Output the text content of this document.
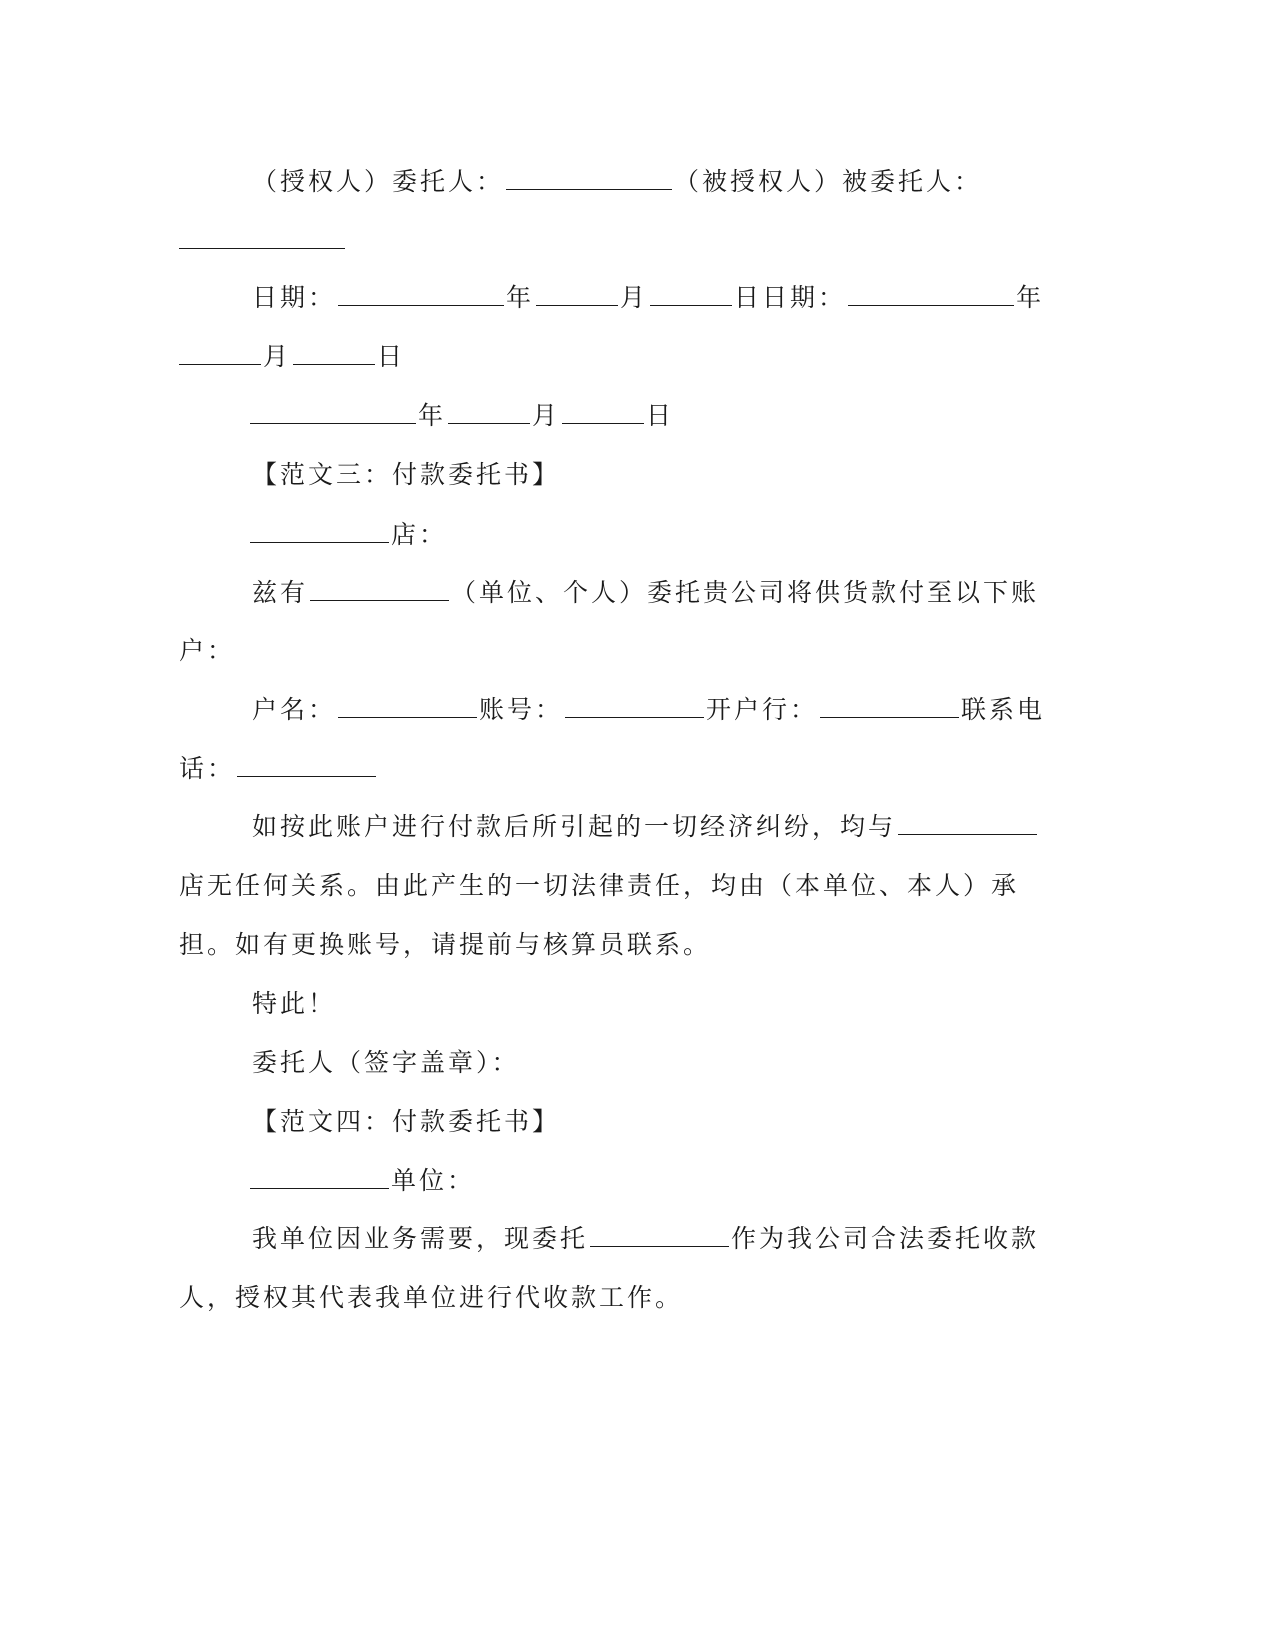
（授权人）委托人：	（被授权人）被委托人：
日期：	年	月	日日期：	年
月	日
年	月	日
【范文三：付款委托书】
店：
兹有	（单位、个人）委托贵公司将供货款付至以下账
户：
户名：	账号：	开户行：	联系电
话：
如按此账户进行付款后所引起的一切经济纠纷，均与
店无任何关系。由此产生的一切法律责任，均由（本单位、本人）承
担。如有更换账号，请提前与核算员联系。
特此！
委托人（签字盖章）：
【范文四：付款委托书】
单位：
我单位因业务需要，现委托	作为我公司合法委托收款
人，授权其代表我单位进行代收款工作。
